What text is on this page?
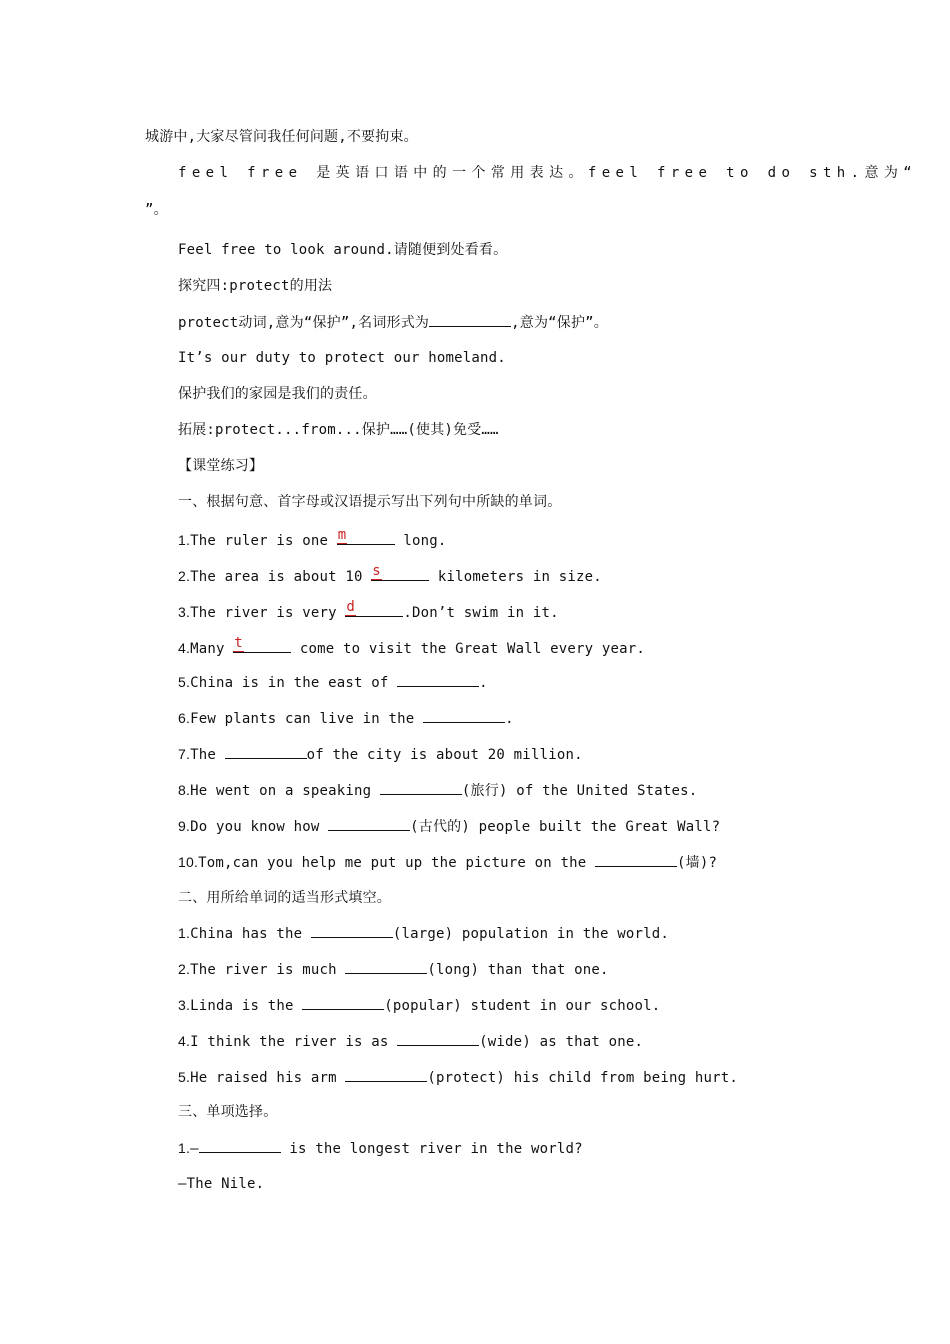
城游中,大家尽管问我任何问题,不要拘束。
feel free 是英语口语中的一个常用表达。feel free to do sth.意为“
”。
Feel free to look around.请随便到处看看。
探究四:protect的用法
protect动词,意为“保护”,名词形式为	,意为“保护”。
It’s our duty to protect our homeland.
保护我们的家园是我们的责任。
拓展:protect...from...保护……(使其)免受……
【课堂练习】
一、根据句意、首字母或汉语提示写出下列句中所缺的单词。
1.The ruler is one m	long.
2.The area is about 10 s	kilometers in size.
3.The river is very d	.Don’t swim in it.
4.Many t	come to visit the Great Wall every year.
5.China is in the east of	.
6.Few plants can live in the	.
7.The	of the city is about 20 million.
8.He went on a speaking	(旅行) of the United States.
9.Do you know how	(古代的) people built the Great Wall?
10.Tom,can you help me put up the picture on the	(墙)?
二、用所给单词的适当形式填空。
1.China has the	(large) population in the world.
2.The river is much	(long) than that one.
3.Linda is the	(popular) student in our school.
4.I think the river is as	(wide) as that one.
5.He raised his arm	(protect) his child from being hurt.
三、单项选择。
1.—	is the longest river in the world?
—The Nile.
